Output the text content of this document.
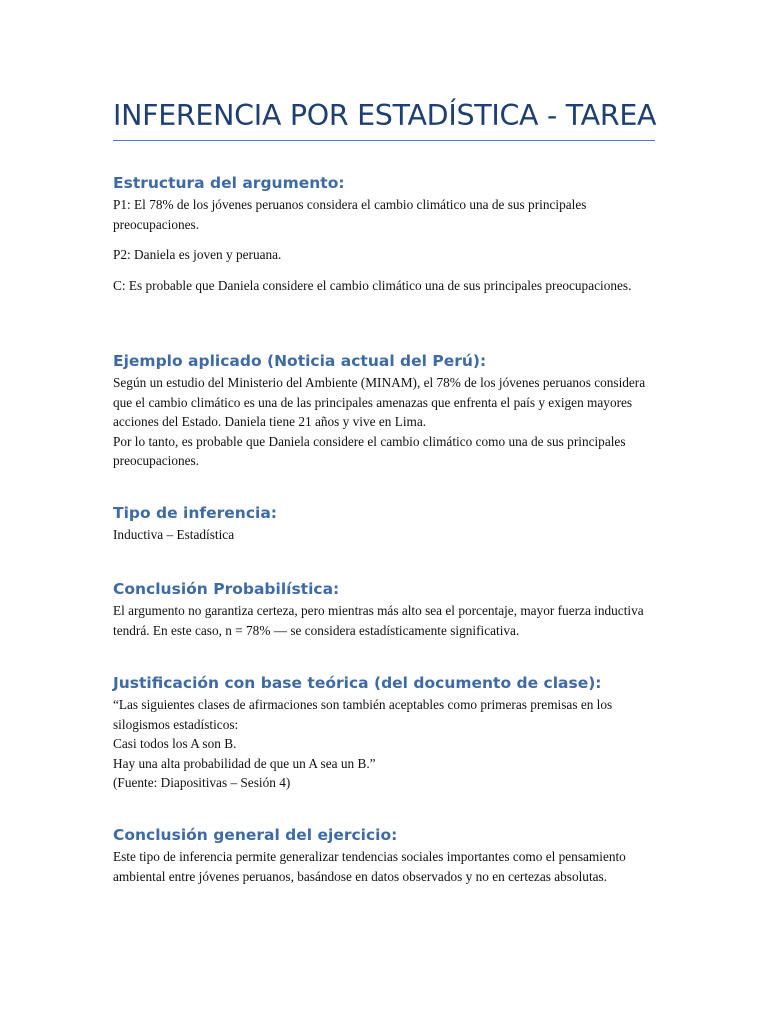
INFERENCIA POR ESTADÍSTICA - TAREA
Estructura del argumento:

P1: El 78% de los jóvenes peruanos considera el cambio climático una de sus principales preocupaciones.

P2: Daniela es joven y peruana.

C: Es probable que Daniela considere el cambio climático una de sus principales preocupaciones.

Ejemplo aplicado (Noticia actual del Perú):

Según un estudio del Ministerio del Ambiente (MINAM), el 78% de los jóvenes peruanos considera que el cambio climático es una de las principales amenazas que enfrenta el país y exigen mayores acciones del Estado. Daniela tiene 21 años y vive en Lima.

Por lo tanto, es probable que Daniela considere el cambio climático como una de sus principales preocupaciones.

Tipo de inferencia:

Inductiva – Estadística

Conclusión Probabilística:

El argumento no garantiza certeza, pero mientras más alto sea el porcentaje, mayor fuerza inductiva tendrá. En este caso, n = 78% — se considera estadísticamente significativa.

Justificación con base teórica (del documento de clase):

“Las siguientes clases de afirmaciones son también aceptables como primeras premisas en los silogismos estadísticos:

Casi todos los A son B.

Hay una alta probabilidad de que un A sea un B.”

(Fuente: Diapositivas – Sesión 4)

Conclusión general del ejercicio:

Este tipo de inferencia permite generalizar tendencias sociales importantes como el pensamiento ambiental entre jóvenes peruanos, basándose en datos observados y no en certezas absolutas.
